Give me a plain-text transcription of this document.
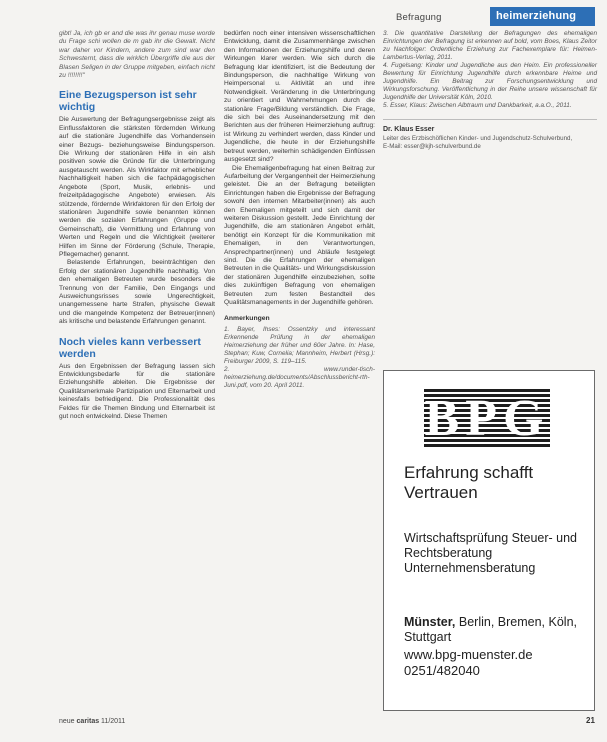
Befragung	heimerziehung

gibt! Ja, ich gb er and die was ihr genau muse worde du Frage schi wollen de m gab ihr die Gewalt. Nicht war daher vor Kindern, andere zum sind war den Schwesternt, dass die wirklich Übergriffe die aus der Blasen Seligen in der Gruppe mitgeben, einfach nicht zu !!!!!!!!"

Eine Bezugsperson ist sehr wichtig

Die Auswertung der Befragungsergebnisse zeigt als Einflussfaktoren die stärksten fördernden Wirkung auf die stationäre Jugendhilfe das Vorhandensein einer Bezugs- beziehungsweise Bindungsperson. Die Wirkung der stationären Hilfe in ein alsh positiven sowie die Gründe für die Unterbringung ausgetauscht werden. Als Wirkfaktor mit erheblicher Nachhaltigkeit haben sich die fachpädagogischen Angebote (Sport, Musik, erlebnis- und freizeitpädagogische Angebote) erwiesen. Als stützende, fördernde Wirkfaktoren für den Erfolg der stationären Jugendhilfe sowie benannten können werden die sozialen Erfahrungen (Gruppe und Gemeinschaft), die Vermittlung und Erfahrung von Werten und Regeln und die Wichtigkeit (weiterer Hilfen im Sinne der Förderung (Schule, Therapie, Pflegemacher) genannt.

Belastende Erfahrungen, beeinträchtigen den Erfolg der stationären Jugendhilfe nachhaltig. Von den ehemaligen Betreuten wurde besonders die Trennung von der Familie, Den Eingangs und Ausweichungsrisses sowie Ungerechtigkeit, unangemessene harte Strafen, physische Gewalt und die mangelnde Kompetenz der Betreuer(innen) als kritische und belastende Erfahrungen genannt.

Noch vieles kann verbessert werden

Aus den Ergebnissen der Befragung lassen sich Entwicklungsbedarfe für die stationäre Erziehungshilfe ableiten. Die Ergebnisse der Qualitätsmerkmale Partizipation und Elternarbeit und keinesfalls befriedigend. Die Professionalität des Feldes für die Themen Bindung und Elternarbeit ist gut noch entwickelnd. Diese Themen

bedürfen noch einer intensiven wissenschaftlichen Entwicklung, damit die Zusammenhänge zwischen den Informationen der Erziehungshilfe und deren Wirkungen klarer werden. Wie sich durch die Befragung klar identifiziert, ist die Bedeutung der Bindungsperson, die nachhaltige Wirkung von Heimpersonal u. Aktivität an und ihre Notwendigkeit. Veränderung in die Unterbringung zu orientiert und Wahrnehmungen durch die stationäre Frage/Bildung verständlich. Die Frage, die sich bei des Auseinandersetzung mit den Berichten aus der früheren Heimerziehung auftrug: ist Wirkung zu verhindert werden, dass Kinder und Jugendliche, die heute in der Erziehungshilfe betreut werden, weiterhin schädigenden Einflüssen ausgesetzt sind?

Die Ehemaligenbefragung hat einen Beitrag zur Aufarbeitung der Vergangenheit der Heimerziehung geleistet. Die an der Befragung beteiligten Einrichtungen haben die Ergebnisse der Befragung sowohl den internen Mitarbeiter(innen) als auch den Ehemaligen mitgeteilt und sich damit der weiteren Diskussion gestellt. Jede Einrichtung der Jugendhilfe, die am stationären Angebot erhält, benötigt ein Konzept für die Kommunikation mit Ehemaligen, in den Verantwortungen, Ansprechpartner(innen) und Abläufe festgelegt sind. Die die Erfahrungen der ehemaligen Betreuten in die Qualitäts- und Wirkungsdiskussion der stationären Jugendhilfe einzubeziehen, sollte dies zukünftigen Befragung von ehemaligen Betreuten zum festen Bestandteil des Qualitätsmanagements in der Jugendhilfe gehören.

Anmerkungen

1. Bayer, Ihses: Ossentzky und interessant Erkennende Prüfung in der ehemaligen Heimerziehung der früher und 60er Jahre. In: Hase, Stephan; Kuw, Cornelia; Mannheim, Herbert (Hrsg.): Freiburger 2009, S. 119–115.

2. www.runder-tisch-heimerziehung.de/documents/Abschlussbericht-rth-Juni.pdf, vom 20. April 2011.

3. Die quantitative Darstellung der Befragungen des ehemaligen Einrichtungen der Befragung ist erkennen auf bold, vom Boes, Klaus Zeitor zu Nachfolger: Ordentliche Erziehung zur Fachexemplare für: Heimen- Lambertus-Verlag, 2011.

4. Fugelsang: Kinder und Jugendliche aus den Heim. Ein professioneller Bewertung für Einrichtung Jugendhilfe durch erkennbare Heime und Jugendhilfe. Ein Beitrag zur Forschungsentwicklung und Wirkungsforschung. Veröffentlichung in der Reihe unsere wissenschaft für Jugendhilfe der Universität Köln, 2010.

5. Esser, Klaus: Zwischen Albtraum und Dankbarkeit, a.a.O., 2011.

Dr. Klaus Esser
Leiter des Erzbischöflichen Kinder- und Jugendschutz-Schulverbund,
E-Mail: esser@kjh-schulverbund.de
BPG
Erfahrung schafft Vertrauen
Wirtschaftsprüfung Steuer- und Rechtsberatung Unternehmensberatung
Münster, Berlin, Bremen, Köln, Stuttgart
www.bpg-muenster.de
0251/482040
neue caritas 11/2011	21
